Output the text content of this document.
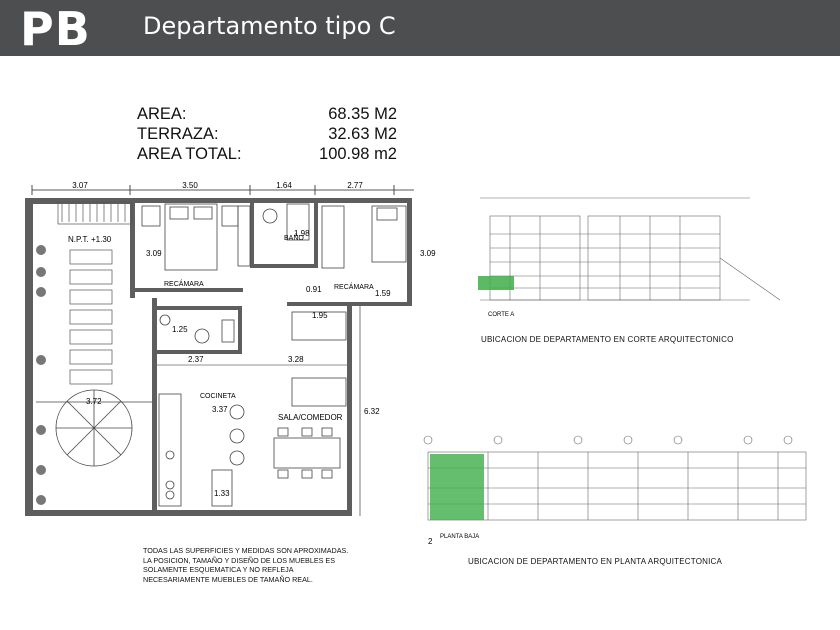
PB Departamento tipo C
AREA:	68.35 M2
TERRAZA:	32.63 M2
AREA TOTAL:	100.98 m2
3.07	3.50	1.64	2.77
N.P.T. +1.30
3.72
RECÁMARA
3.09
BAÑO
1.98
RECÁMARA
0.91	1.59
3.09
1.25
1.95
2.37	3.28
COCINETA
3.37
1.33
SALA/COMEDOR
6.32
TODAS LAS SUPERFICIES Y MEDIDAS SON APROXIMADAS.
LA POSICION, TAMAÑO Y DISEÑO DE LOS MUEBLES ES
SOLAMENTE ESQUEMATICA Y NO REFLEJA
NECESARIAMENTE MUEBLES DE TAMAÑO REAL.
CORTE A
UBICACION DE DEPARTAMENTO EN CORTE ARQUITECTONICO
2 PLANTA BAJA
UBICACION DE DEPARTAMENTO EN PLANTA ARQUITECTONICA
